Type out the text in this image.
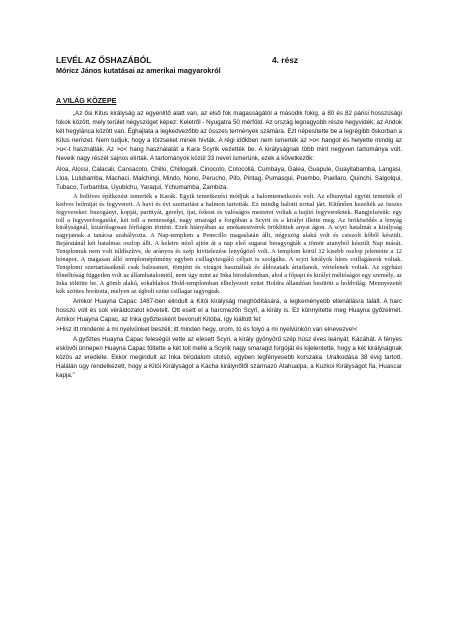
LEVÉL AZ ŐSHAZÁBÓL	4. rész
Móricz János kutatásai az amerikai magyarokról
A VILÁG KÖZEPE

„Az ősi Kitus királyság az egyenlítő alatt van, az első fok magasságától a második fokig, a 80 és 82 párisi hosszúsági fokok között, mely terület négyszöget képez: Keletről - Nyugatra 50 mérföld. Az ország legnagyobb része hegyvidék; az Andok két hegylánca között van. Éghajlata a legkedvezőbb az összes termények számára. Ezt népesítette be a legrégibb őskorban a Kitus nemzet. Nem tudjuk, hogy a törzseket minek hívták. A régi időkben nem ismerték az >o< hangot és helyette mindig az >u<-t használták. Az >o< hang használatát a Kara Scyrik vezették be. A királyságnak több mint negyven tartománya volt. Neveik nagy részét sajnos elírták. A tartományok közül 33 nevet ismerünk, ezek a következők:

Aloa, Alossi, Calacali, Cansacoto, Chillo, Chillogalli, Cinocoto, Cotocollá, Cumbaya, Galea, Guapule, Guayllabamba, Langasi, Lloa, Lulubamba, Machaci, Malchingi, Mindo, Nono, Perucho, Pifo, Pintag, Pumasqui, Puembo, Puellaro, Quinchi, Salgolqui, Tubaco, Turbamba, Uyubichu, Yaraqui, Ychumamba, Zambiza.

A boltíves építkezést ismerték a Karák. Egyik temetkezési módjuk a halomtemetkezés volt. Az elhunyttal együtt temették el kedves holmiját és fegyvereit. A havi és évi szertartást a halmon tartották. Ez mindig halotti tornal járt. Kitűnően kezelték az összes fegyvereket: buzogányt, kopját, parittyát, gerelyt, íjat, fokost és valóságos mesterei voltak a hajító fegyvereknek. Rangjelzésük: egy toll a fegyverforgatóké, két toll a nemességé, nagy smaragd a forgóban a Scyrit és a királyt illette meg. Az örökösödés a lenyág királyságnál, kizárólagosan férfiágon történt. Ezek hiányában az unokatestvérek öröklöttek anyai ágon. A scyri hatalmát a királyság nagyjainak a tanácsa szabályozta. A Nap-templom a Penecillo magaslatán állt, négyszög alakú volt és csiszolt kőből készült. Bejáratánál két hatalmas oszlop állt. A keletre néző ajtón át a nap első sugarai beragyogták a tömör aranyból készült Nap mását. Templomuk nem volt túldíszítve, de arányos és szép kivitelezése lenyűgöző volt. A templom körül 12 kisebb oszlop jelentette a 12 hónapot. A magasan álló templomépítmény egyben csillagvizsgáló céljait is szolgálta. A scyri királyok híres csillagászok voltak. Templomi szertartásaiknál csak balzsamot, tömjént és virágot használtak és áldozataik ártatlanok, vértelenek voltak. Az egyházi főméltóság független volt az államhatalomtól, nem úgy mint az Inka birodalomban, ahol a főpapi és királyi méltóságot egy személy, az Inka töltötte be. A gömb alakú, sokablakos Hold-templomban elhelyezett ezüst Holdra állandóan besütött a holdvilág. Mennyezetét kék szöttes borította, melyen az égbolt ezüst csillagai ragyogtak.

Amikor Huayna Capac 1487-ben elindult a Kitói királyság meghódítására, a legkeményebb ellenállásra talált. A harc hosszú volt és sok véráldozatot követelt. Ott esett el a harcmezőn Scyri, a király is. Ez könnyítette meg Huayna győzelmét. Amikor Huayna Capac, az Inka győztesként bevonult Kitóba, így kiáltott fel:

>Hisz itt mindenki a mi nyelvünket beszéli; itt minden hegy, orom, tó és folyó a mi nyelvünkön van elnevezve!<

A győztes Huayna Capac feleségül vette az elesett Scyri, a király gyönyörű szép húsz éves leányát, Kácáhát. A fényes eskövői ünnepen Huayna Capac föltette a két toll mellé a Scyrik nagy smaragd forgóját és kijelentette, hogy a két királyságnak közös az erediéte. Ekkor megindult az Inka birodalom utolsó, egyben legfényesebb korszaka. Uralkodása 38 évig tartott. Halálán úgy rendelkezett, hogy a Kitói Királyságot a Kácha királynőtől származó Atahualpa, a Kuzkoi Királyságot fia, Huascar kapja."
